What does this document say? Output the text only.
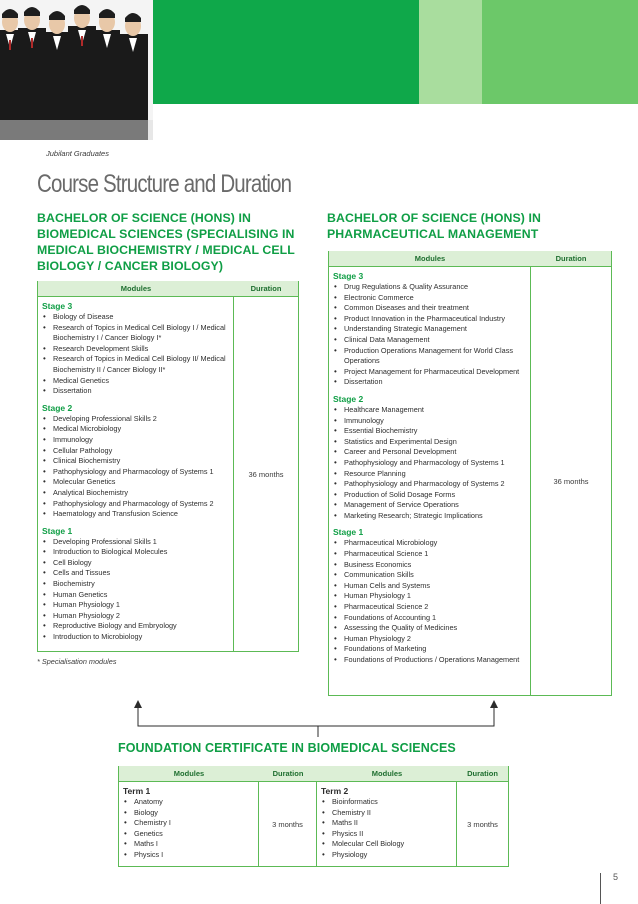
Jubilant Graduates
Course Structure and Duration
BACHELOR OF SCIENCE (HONS) IN BIOMEDICAL SCIENCES (SPECIALISING IN MEDICAL BIOCHEMISTRY / MEDICAL CELL BIOLOGY / CANCER BIOLOGY)
BACHELOR OF SCIENCE (HONS) IN PHARMACEUTICAL MANAGEMENT
Modules	Duration
Stage 3
• Biology of Disease
• Research of Topics in Medical Cell Biology I / Medical Biochemistry I / Cancer Biology I*
• Research Development Skills
• Research of Topics in Medical Cell Biology II/ Medical Biochemistry II / Cancer Biology II*
• Medical Genetics
• Dissertation
Stage 2
• Developing Professional Skills 2
• Medical Microbiology
• Immunology
• Cellular Pathology
• Clinical Biochemistry
• Pathophysiology and Pharmacology of Systems 1
• Molecular Genetics
• Analytical Biochemistry
• Pathophysiology and Pharmacology of Systems 2
• Haematology and Transfusion Science
Stage 1
• Developing Professional Skills 1
• Introduction to Biological Molecules
• Cell Biology
• Cells and Tissues
• Biochemistry
• Human Genetics
• Human Physiology 1
• Human Physiology 2
• Reproductive Biology and Embryology
• Introduction to Microbiology
36 months
* Specialisation modules
Modules	Duration
Stage 3
• Drug Regulations & Quality Assurance
• Electronic Commerce
• Common Diseases and their treatment
• Product Innovation in the Pharmaceutical Industry
• Understanding Strategic Management
• Clinical Data Management
• Production Operations Management for World Class Operations
• Project Management for Pharmaceutical Development
• Dissertation
Stage 2
• Healthcare Management
• Immunology
• Essential Biochemistry
• Statistics and Experimental Design
• Career and Personal Development
• Pathophysiology and Pharmacology of Systems 1
• Resource Planning
• Pathophysiology and Pharmacology of Systems 2
• Production of Solid Dosage Forms
• Management of Service Operations
• Marketing Research; Strategic Implications
Stage 1
• Pharmaceutical Microbiology
• Pharmaceutical Science 1
• Business Economics
• Communication Skills
• Human Cells and Systems
• Human Physiology 1
• Pharmaceutical Science 2
• Foundations of Accounting 1
• Assessing the Quality of Medicines
• Human Physiology 2
• Foundations of Marketing
• Foundations of Productions / Operations Management
36 months
FOUNDATION CERTIFICATE IN BIOMEDICAL SCIENCES
Modules	Duration	Modules	Duration
Term 1
• Anatomy
• Biology
• Chemistry I
• Genetics
• Maths I
• Physics I
3 months
Term 2
• Bioinformatics
• Chemistry II
• Maths II
• Physics II
• Molecular Cell Biology
• Physiology
3 months
5
